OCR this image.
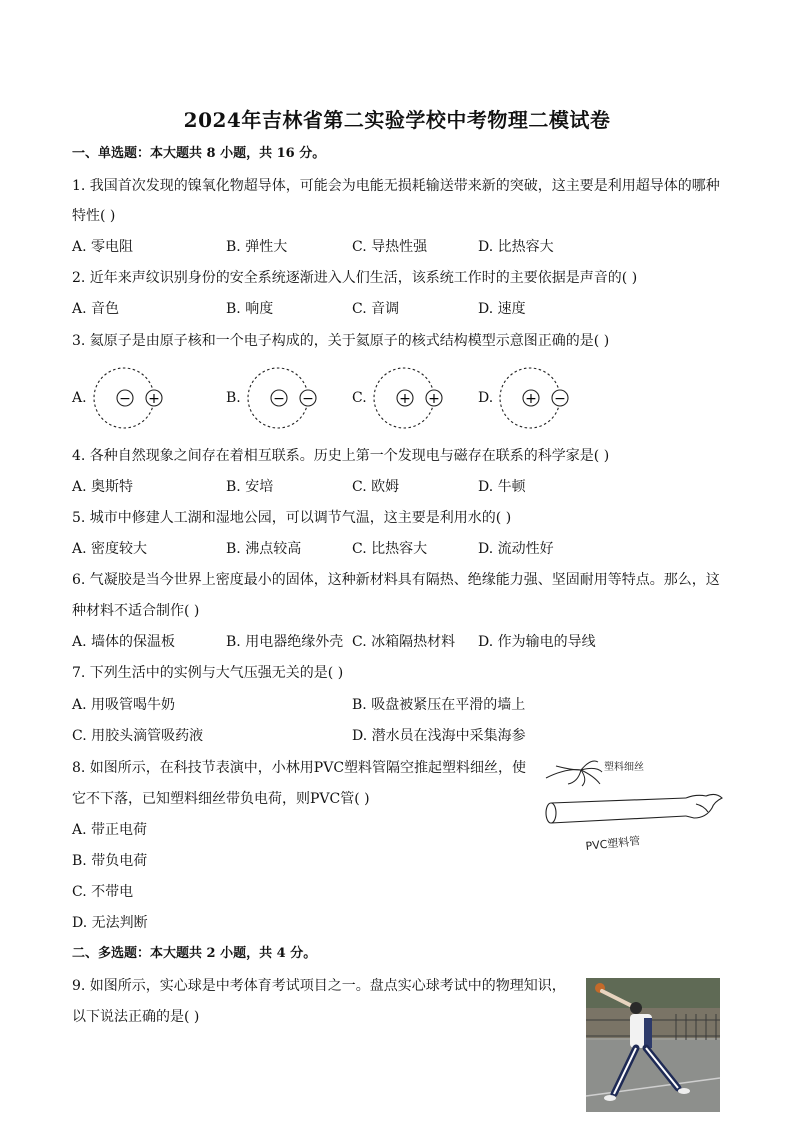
2024年吉林省第二实验学校中考物理二模试卷
一、单选题：本大题共 8 小题，共 16 分。
1. 我国首次发现的镍氧化物超导体，可能会为电能无损耗输送带来新的突破，这主要是利用超导体的哪种
特性( )
A. 零电阻	B. 弹性大	C. 导热性强	D. 比热容大
2. 近年来声纹识别身份的安全系统逐渐进入人们生活，该系统工作时的主要依据是声音的( )
A. 音色	B. 响度	C. 音调	D. 速度
3. 氦原子是由原子核和一个电子构成的，关于氦原子的核式结构模型示意图正确的是( )
A. − +	B. − −	C. + +	D. + −
4. 各种自然现象之间存在着相互联系。历史上第一个发现电与磁存在联系的科学家是( )
A. 奥斯特	B. 安培	C. 欧姆	D. 牛顿
5. 城市中修建人工湖和湿地公园，可以调节气温，这主要是利用水的( )
A. 密度较大	B. 沸点较高	C. 比热容大	D. 流动性好
6. 气凝胶是当今世界上密度最小的固体，这种新材料具有隔热、绝缘能力强、坚固耐用等特点。那么，这
种材料不适合制作( )
A. 墙体的保温板	B. 用电器绝缘外壳 C. 冰箱隔热材料 D. 作为输电的导线
7. 下列生活中的实例与大气压强无关的是( )
A. 用吸管喝牛奶	B. 吸盘被紧压在平滑的墙上
C. 用胶头滴管吸药液	D. 潜水员在浅海中采集海参
8. 如图所示，在科技节表演中，小林用PVC塑料管隔空推起塑料细丝，使
它不下落，已知塑料细丝带负电荷，则PVC管( )
A. 带正电荷
B. 带负电荷
C. 不带电
D. 无法判断
塑料细丝
PVC塑料管
二、多选题：本大题共 2 小题，共 4 分。
9. 如图所示，实心球是中考体育考试项目之一。盘点实心球考试中的物理知识，
以下说法正确的是( )
